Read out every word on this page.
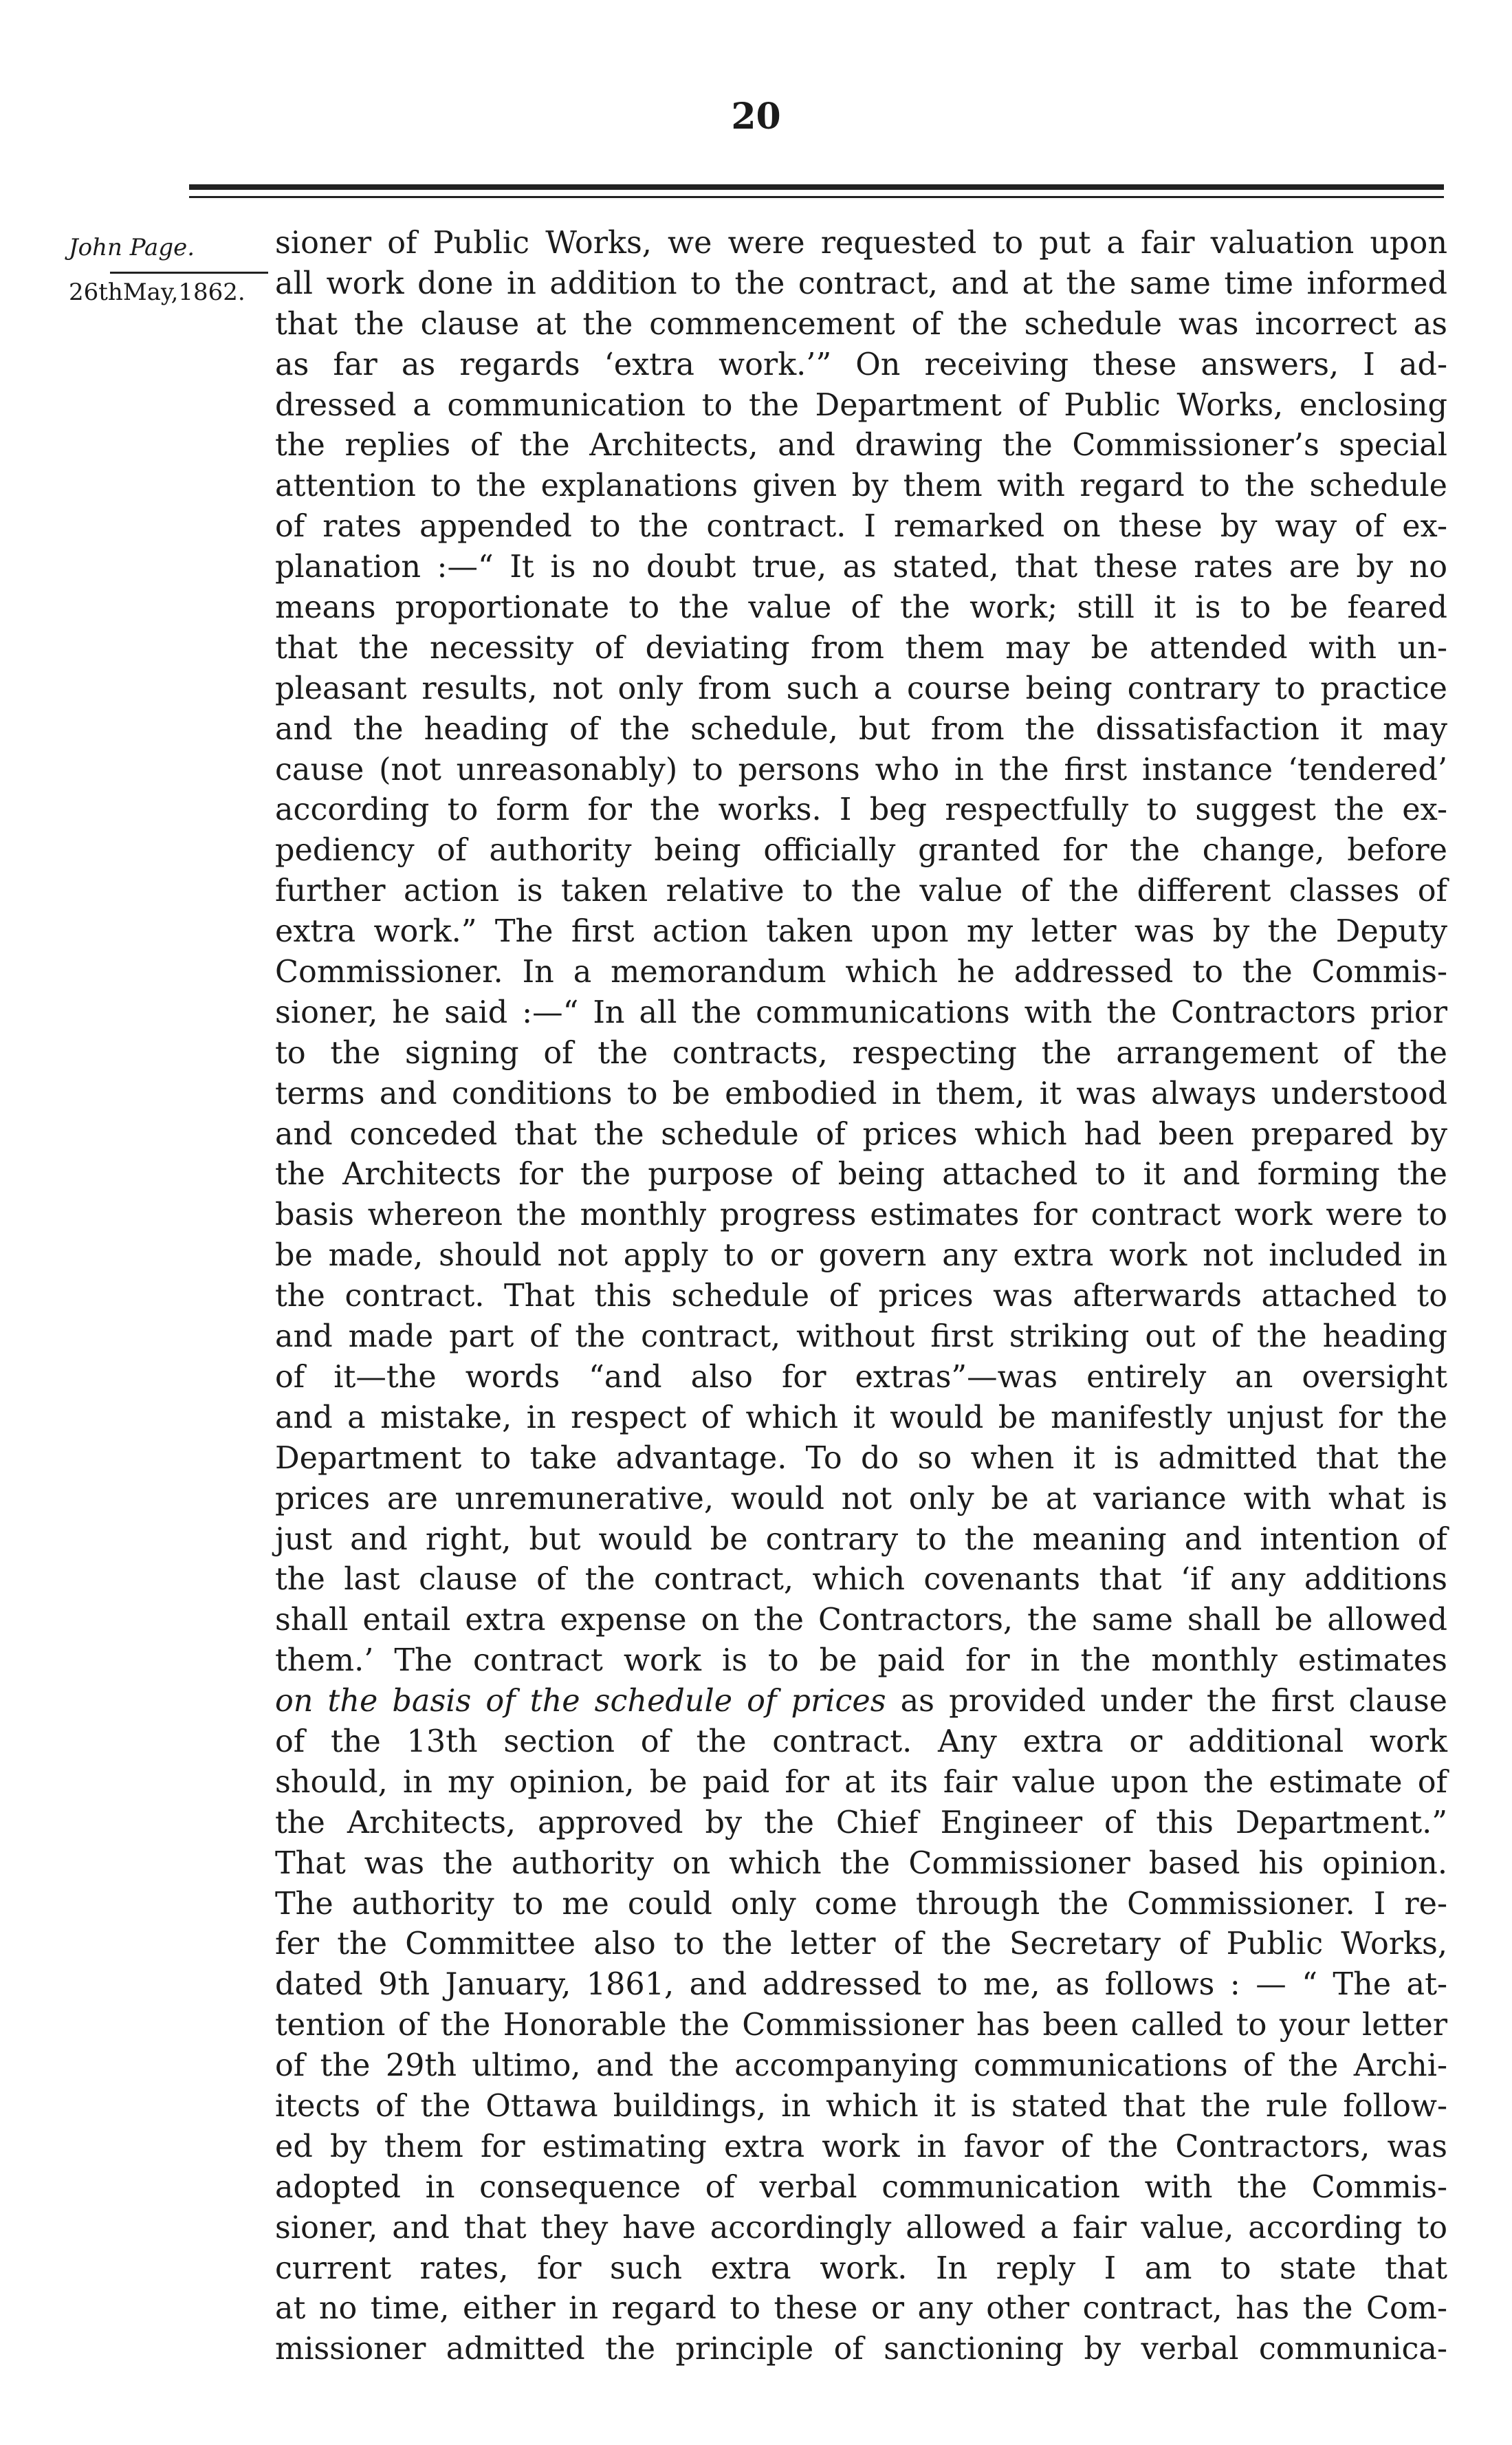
20
John Page.
26thMay,1862.
sioner of Public Works, we were requested to put a fair valuation upon
all work done in addition to the contract, and at the same time informed
that the clause at the commencement of the schedule was incorrect as
as far as regards ‘extra work.’” On receiving these answers, I ad-
dressed a communication to the Department of Public Works, enclosing
the replies of the Architects, and drawing the Commissioner’s special
attention to the explanations given by them with regard to the schedule
of rates appended to the contract. I remarked on these by way of ex-
planation :—“ It is no doubt true, as stated, that these rates are by no
means proportionate to the value of the work; still it is to be feared
that the necessity of deviating from them may be attended with un-
pleasant results, not only from such a course being contrary to practice
and the heading of the schedule, but from the dissatisfaction it may
cause (not unreasonably) to persons who in the first instance ‘tendered’
according to form for the works. I beg respectfully to suggest the ex-
pediency of authority being officially granted for the change, before
further action is taken relative to the value of the different classes of
extra work.” The first action taken upon my letter was by the Deputy
Commissioner. In a memorandum which he addressed to the Commis-
sioner, he said :—“ In all the communications with the Contractors prior
to the signing of the contracts, respecting the arrangement of the
terms and conditions to be embodied in them, it was always understood
and conceded that the schedule of prices which had been prepared by
the Architects for the purpose of being attached to it and forming the
basis whereon the monthly progress estimates for contract work were to
be made, should not apply to or govern any extra work not included in
the contract. That this schedule of prices was afterwards attached to
and made part of the contract, without first striking out of the heading
of it—the words “and also for extras”—was entirely an oversight
and a mistake, in respect of which it would be manifestly unjust for the
Department to take advantage. To do so when it is admitted that the
prices are unremunerative, would not only be at variance with what is
just and right, but would be contrary to the meaning and intention of
the last clause of the contract, which covenants that ‘if any additions
shall entail extra expense on the Contractors, the same shall be allowed
them.’ The contract work is to be paid for in the monthly estimates
on the basis of the schedule of prices as provided under the first clause
of the 13th section of the contract. Any extra or additional work
should, in my opinion, be paid for at its fair value upon the estimate of
the Architects, approved by the Chief Engineer of this Department.”
That was the authority on which the Commissioner based his opinion.
The authority to me could only come through the Commissioner. I re-
fer the Committee also to the letter of the Secretary of Public Works,
dated 9th January, 1861, and addressed to me, as follows : — “ The at-
tention of the Honorable the Commissioner has been called to your letter
of the 29th ultimo, and the accompanying communications of the Archi-
itects of the Ottawa buildings, in which it is stated that the rule follow-
ed by them for estimating extra work in favor of the Contractors, was
adopted in consequence of verbal communication with the Commis-
sioner, and that they have accordingly allowed a fair value, according to
current rates, for such extra work. In reply I am to state that
at no time, either in regard to these or any other contract, has the Com-
missioner admitted the principle of sanctioning by verbal communica-
